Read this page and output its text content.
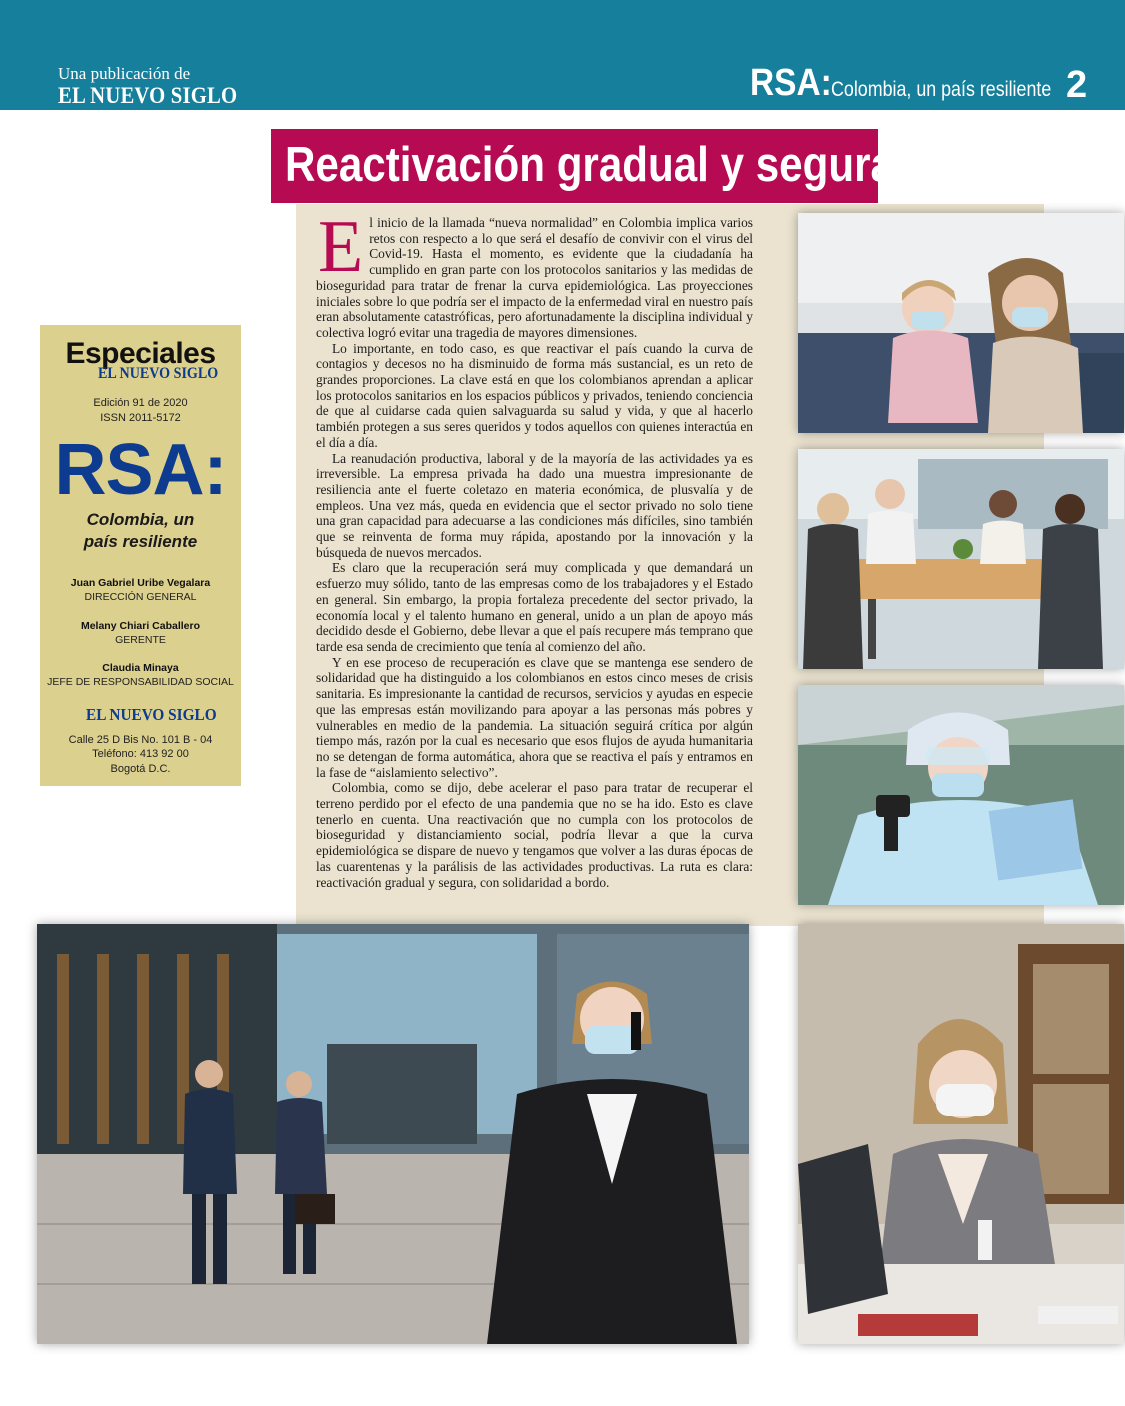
Una publicación de
EL NUEVO SIGLO	RSA: Colombia, un país resiliente 2
Reactivación gradual y segura

El inicio de la llamada “nueva normalidad” en Colombia implica varios retos con respecto a lo que será el desafío de convivir con el virus del Covid-19. Hasta el momento, es evidente que la ciudadanía ha cumplido en gran parte con los protocolos sanitarios y las medidas de bioseguridad para tratar de frenar la curva epidemiológica. Las proyecciones iniciales sobre lo que podría ser el impacto de la enfermedad viral en nuestro país eran absolutamente catastróficas, pero afortunadamente la disciplina individual y colectiva logró evitar una tragedia de mayores dimensiones.

Lo importante, en todo caso, es que reactivar el país cuando la curva de contagios y decesos no ha disminuido de forma más sustancial, es un reto de grandes proporciones. La clave está en que los colombianos aprendan a aplicar los protocolos sanitarios en los espacios públicos y privados, teniendo conciencia de que al cuidarse cada quien salvaguarda su salud y vida, y que al hacerlo también protegen a sus seres queridos y todos aquellos con quienes interactúa en el día a día.

La reanudación productiva, laboral y de la mayoría de las actividades ya es irreversible. La empresa privada ha dado una muestra impresionante de resiliencia ante el fuerte coletazo en materia económica, de plusvalía y de empleos. Una vez más, queda en evidencia que el sector privado no solo tiene una gran capacidad para adecuarse a las condiciones más difíciles, sino también que se reinventa de forma muy rápida, apostando por la innovación y la búsqueda de nuevos mercados.

Es claro que la recuperación será muy complicada y que demandará un esfuerzo muy sólido, tanto de las empresas como de los trabajadores y el Estado en general. Sin embargo, la propia fortaleza precedente del sector privado, la economía local y el talento humano en general, unido a un plan de apoyo más decidido desde el Gobierno, debe llevar a que el país recupere más temprano que tarde esa senda de crecimiento que tenía al comienzo del año.

Y en ese proceso de recuperación es clave que se mantenga ese sendero de solidaridad que ha distinguido a los colombianos en estos cinco meses de crisis sanitaria. Es impresionante la cantidad de recursos, servicios y ayudas en especie que las empresas están movilizando para apoyar a las personas más pobres y vulnerables en medio de la pandemia. La situación seguirá crítica por algún tiempo más, razón por la cual es necesario que esos flujos de ayuda humanitaria no se detengan de forma automática, ahora que se reactiva el país y entramos en la fase de “aislamiento selectivo”.

Colombia, como se dijo, debe acelerar el paso para tratar de recuperar el terreno perdido por el efecto de una pandemia que no se ha ido. Esto es clave tenerlo en cuenta. Una reactivación que no cumpla con los protocolos de bioseguridad y distanciamiento social, podría llevar a que la curva epidemiológica se dispare de nuevo y tengamos que volver a las duras épocas de las cuarentenas y la parálisis de las actividades productivas. La ruta es clara: reactivación gradual y segura, con solidaridad a bordo.

Especiales
EL NUEVO SIGLO
Edición 91 de 2020
ISSN 2011-5172
RSA:
Colombia, un
país resiliente
Juan Gabriel Uribe Vegalara
DIRECCIÓN GENERAL
Melany Chiari Caballero
GERENTE
Claudia Minaya
JEFE DE RESPONSABILIDAD SOCIAL
EL NUEVO SIGLO
Calle 25 D Bis No. 101 B - 04
Teléfono: 413 92 00
Bogotá D.C.
